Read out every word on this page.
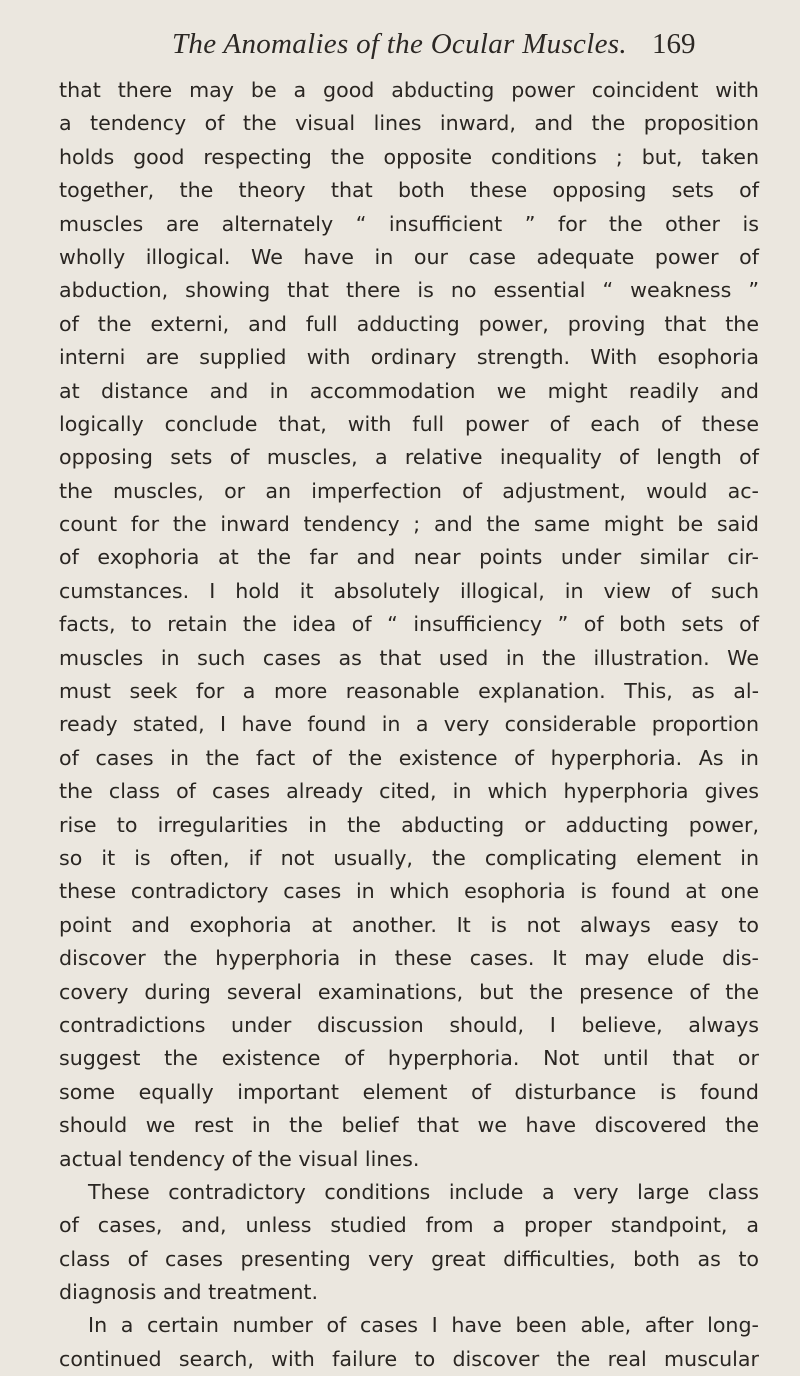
The Anomalies of the Ocular Muscles. 169
that there may be a good abducting power coincident with
a tendency of the visual lines inward, and the proposition
holds good respecting the opposite conditions ; but, taken
together, the theory that both these opposing sets of
muscles are alternately “ insufficient ” for the other is
wholly illogical. We have in our case adequate power of
abduction, showing that there is no essential “ weakness ”
of the externi, and full adducting power, proving that the
interni are supplied with ordinary strength. With esophoria
at distance and in accommodation we might readily and
logically conclude that, with full power of each of these
opposing sets of muscles, a relative inequality of length of
the muscles, or an imperfection of adjustment, would ac-
count for the inward tendency ; and the same might be said
of exophoria at the far and near points under similar cir-
cumstances. I hold it absolutely illogical, in view of such
facts, to retain the idea of “ insufficiency ” of both sets of
muscles in such cases as that used in the illustration. We
must seek for a more reasonable explanation. This, as al-
ready stated, I have found in a very considerable proportion
of cases in the fact of the existence of hyperphoria. As in
the class of cases already cited, in which hyperphoria gives
rise to irregularities in the abducting or adducting power,
so it is often, if not usually, the complicating element in
these contradictory cases in which esophoria is found at one
point and exophoria at another. It is not always easy to
discover the hyperphoria in these cases. It may elude dis-
covery during several examinations, but the presence of the
contradictions under discussion should, I believe, always
suggest the existence of hyperphoria. Not until that or
some equally important element of disturbance is found
should we rest in the belief that we have discovered the
actual tendency of the visual lines.
These contradictory conditions include a very large class
of cases, and, unless studied from a proper standpoint, a
class of cases presenting very great difficulties, both as to
diagnosis and treatment.
In a certain number of cases I have been able, after long-
continued search, with failure to discover the real muscular
